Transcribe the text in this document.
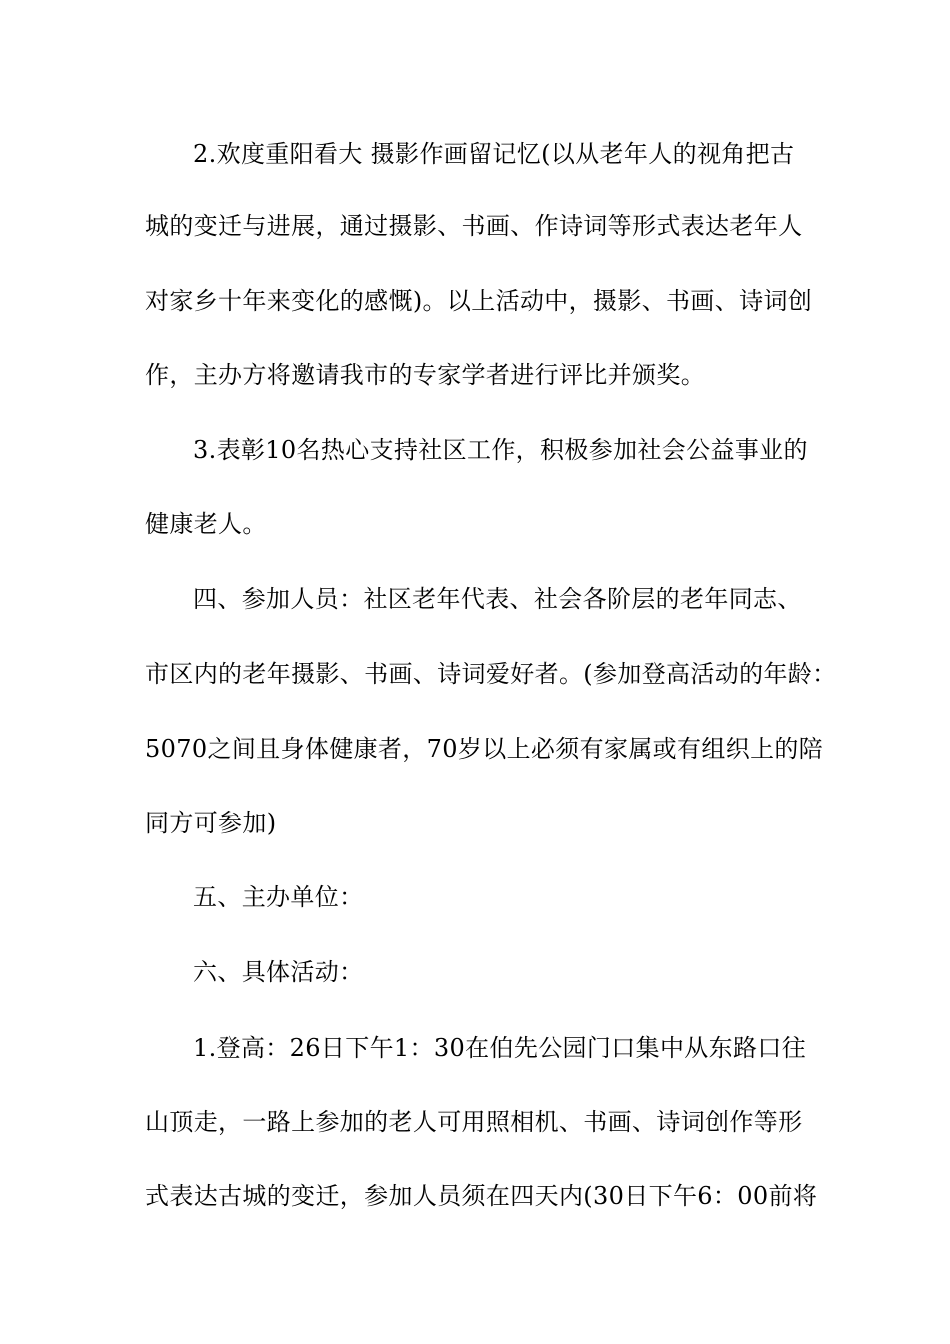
2.欢度重阳看大 摄影作画留记忆(以从老年人的视角把古
城的变迁与进展，通过摄影、书画、作诗词等形式表达老年人
对家乡十年来变化的感慨)。以上活动中，摄影、书画、诗词创
作，主办方将邀请我市的专家学者进行评比并颁奖。
3.表彰10名热心支持社区工作，积极参加社会公益事业的
健康老人。
四、参加人员：社区老年代表、社会各阶层的老年同志、
市区内的老年摄影、书画、诗词爱好者。(参加登高活动的年龄：
5070之间且身体健康者，70岁以上必须有家属或有组织上的陪
同方可参加)
五、主办单位：
六、具体活动：
1.登高：26日下午1：30在伯先公园门口集中从东路口往
山顶走，一路上参加的老人可用照相机、书画、诗词创作等形
式表达古城的变迁，参加人员须在四天内(30日下午6：00前将
